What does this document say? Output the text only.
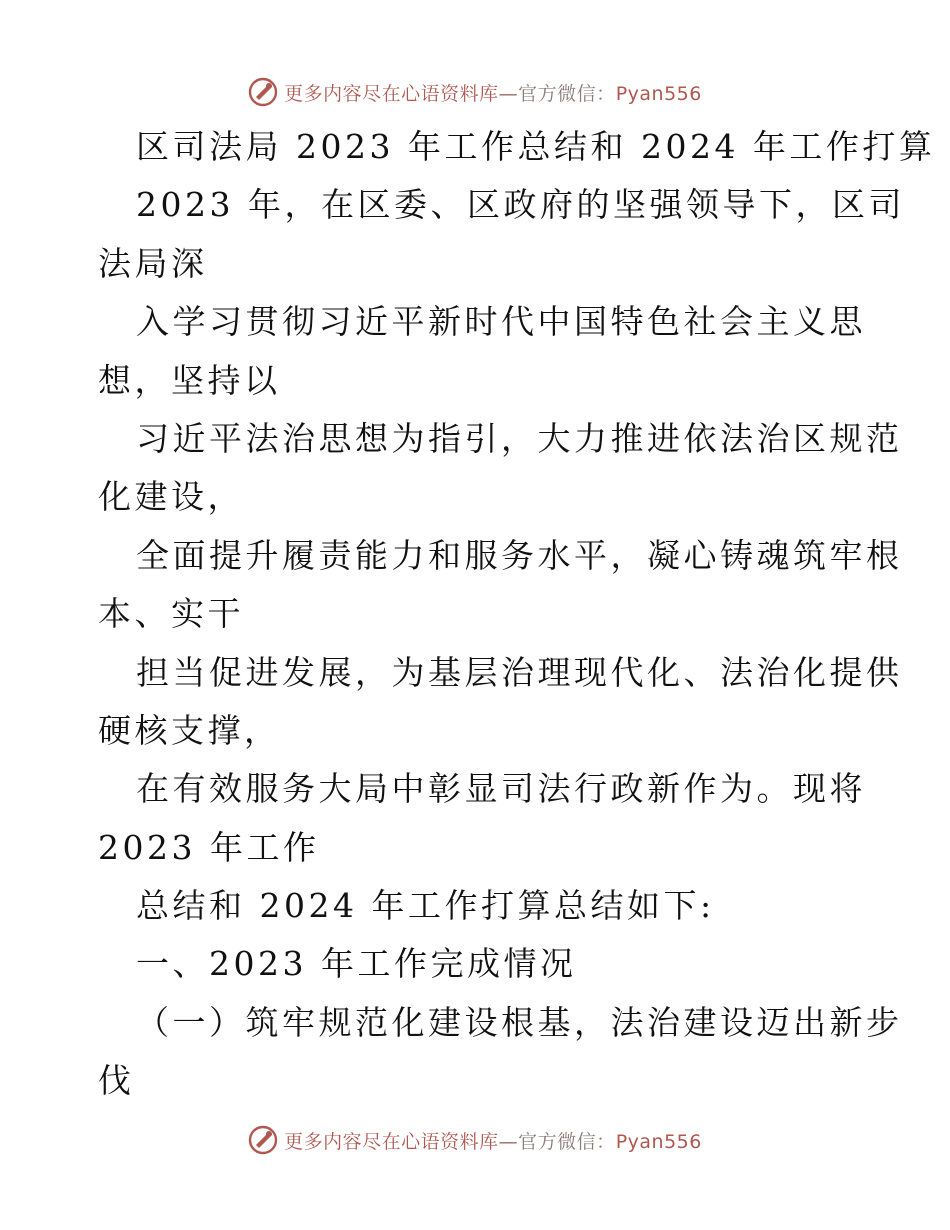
更多内容尽在心语资料库—官方微信：Pyan556
区司法局 2023 年工作总结和 2024 年工作打算
2023 年，在区委、区政府的坚强领导下，区司
法局深
入学习贯彻习近平新时代中国特色社会主义思
想，坚持以
习近平法治思想为指引，大力推进依法治区规范
化建设，
全面提升履责能力和服务水平，凝心铸魂筑牢根
本、实干
担当促进发展，为基层治理现代化、法治化提供
硬核支撑，
在有效服务大局中彰显司法行政新作为。现将
2023 年工作
总结和 2024 年工作打算总结如下:
一、2023 年工作完成情况
（一）筑牢规范化建设根基，法治建设迈出新步
伐
更多内容尽在心语资料库—官方微信：Pyan556
